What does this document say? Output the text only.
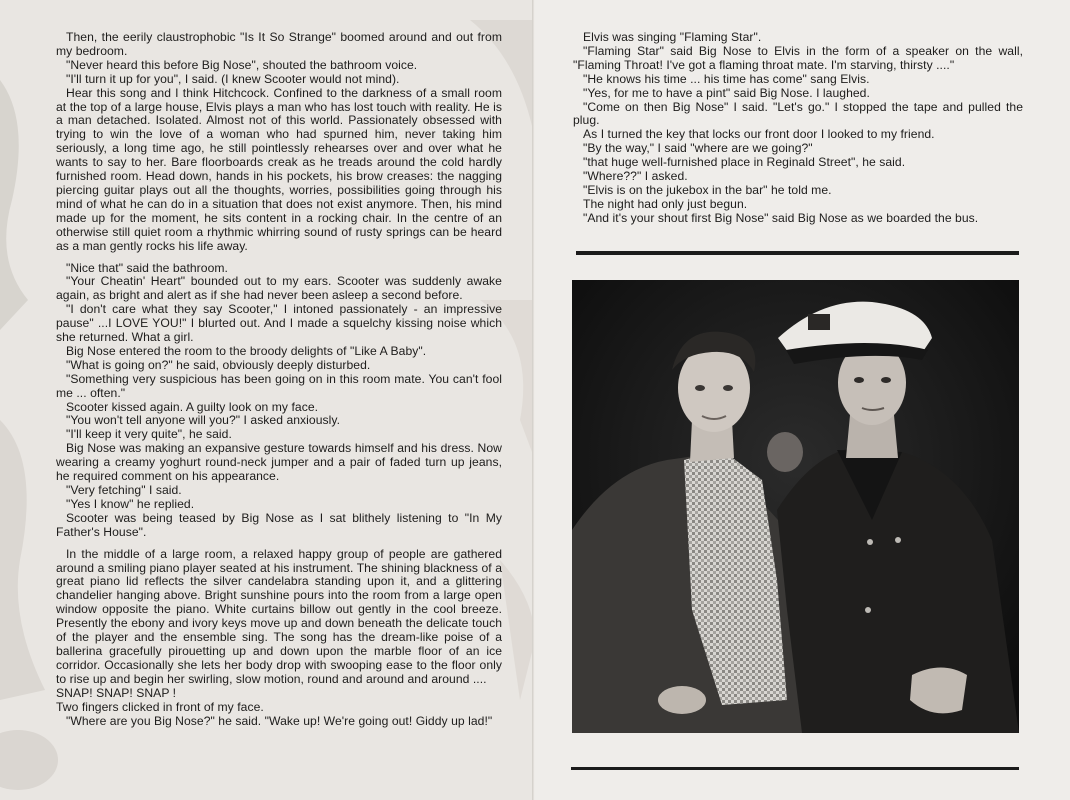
Then, the eerily claustrophobic "Is It So Strange" boomed around and out from my bedroom.

"Never heard this before Big Nose", shouted the bathroom voice.

"I'll turn it up for you", I said. (I knew Scooter would not mind).

Hear this song and I think Hitchcock. Confined to the darkness of a small room at the top of a large house, Elvis plays a man who has lost touch with reality. He is a man detached. Isolated. Almost not of this world. Passionately obsessed with trying to win the love of a woman who had spurned him, never taking him seriously, a long time ago, he still pointlessly rehearses over and over what he wants to say to her. Bare floorboards creak as he treads around the cold hardly furnished room. Head down, hands in his pockets, his brow creases: the nagging piercing guitar plays out all the thoughts, worries, possibilities going through his mind of what he can do in a situation that does not exist anymore. Then, his mind made up for the moment, he sits content in a rocking chair. In the centre of an otherwise still quiet room a rhythmic whirring sound of rusty springs can be heard as a man gently rocks his life away.

"Nice that" said the bathroom.

"Your Cheatin' Heart" bounded out to my ears. Scooter was suddenly awake again, as bright and alert as if she had never been asleep a second before.

"I don't care what they say Scooter," I intoned passionately - an impressive pause" ...I LOVE YOU!" I blurted out. And I made a squelchy kissing noise which she returned. What a girl.

Big Nose entered the room to the broody delights of "Like A Baby".

"What is going on?" he said, obviously deeply disturbed.

"Something very suspicious has been going on in this room mate. You can't fool me ... often."

Scooter kissed again. A guilty look on my face.

"You won't tell anyone will you?" I asked anxiously.

"I'll keep it very quite", he said.

Big Nose was making an expansive gesture towards himself and his dress. Now wearing a creamy yoghurt round-neck jumper and a pair of faded turn up jeans, he required comment on his appearance.

"Very fetching" I said.

"Yes I know" he replied.

Scooter was being teased by Big Nose as I sat blithely listening to "In My Father's House".

In the middle of a large room, a relaxed happy group of people are gathered around a smiling piano player seated at his instrument. The shining blackness of a great piano lid reflects the silver candelabra standing upon it, and a glittering chandelier hanging above. Bright sunshine pours into the room from a large open window opposite the piano. White curtains billow out gently in the cool breeze. Presently the ebony and ivory keys move up and down beneath the delicate touch of the player and the ensemble sing. The song has the dream-like poise of a ballerina gracefully pirouetting up and down upon the marble floor of an ice corridor. Occasionally she lets her body drop with swooping ease to the floor only to rise up and begin her swirling, slow motion, round and around and around ....

SNAP! SNAP! SNAP !

Two fingers clicked in front of my face.

"Where are you Big Nose?" he said. "Wake up! We're going out! Giddy up lad!"

Elvis was singing "Flaming Star".

"Flaming Star" said Big Nose to Elvis in the form of a speaker on the wall, "Flaming Throat! I've got a flaming throat mate. I'm starving, thirsty ...."

"He knows his time ... his time has come" sang Elvis.

"Yes, for me to have a pint" said Big Nose. I laughed.

"Come on then Big Nose" I said. "Let's go." I stopped the tape and pulled the plug.

As I turned the key that locks our front door I looked to my friend.

"By the way," I said "where are we going?"

"that huge well-furnished place in Reginald Street", he said.

"Where??" I asked.

"Elvis is on the jukebox in the bar" he told me.

The night had only just begun.

"And it's your shout first Big Nose" said Big Nose as we boarded the bus.
